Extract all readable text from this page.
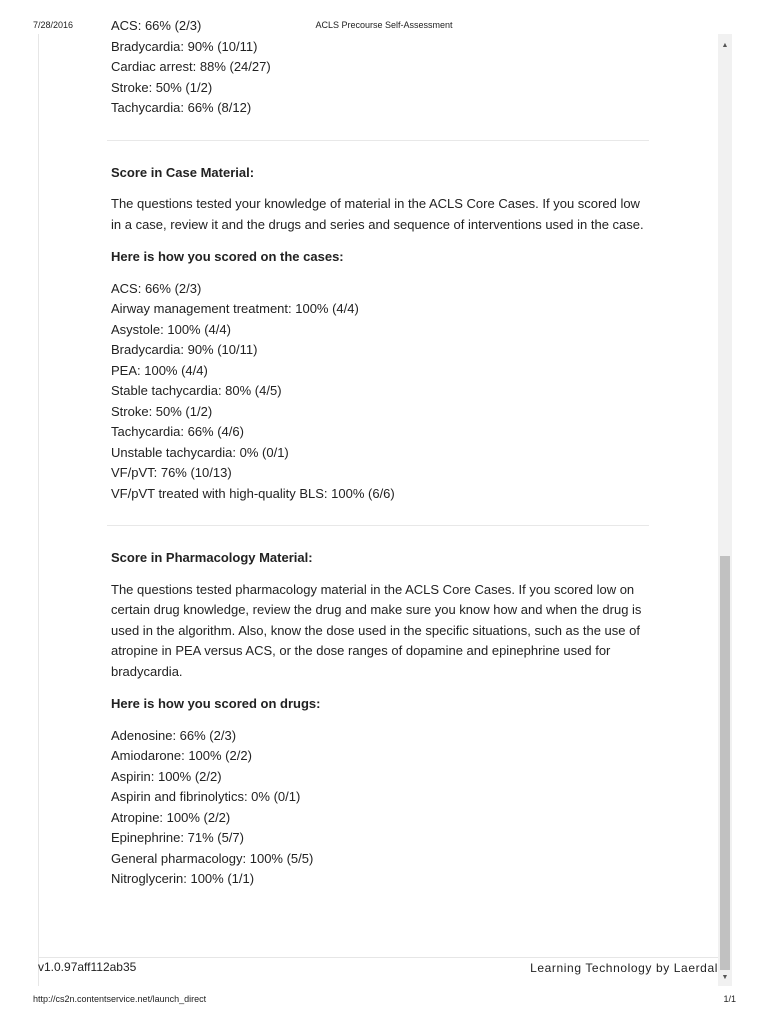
7/28/2016	ACLS Precourse Self-Assessment

ACS: 66% (2/3)

Bradycardia: 90% (10/11)

Cardiac arrest: 88% (24/27)

Stroke: 50% (1/2)

Tachycardia: 66% (8/12)

Score in Case Material:

The questions tested your knowledge of material in the ACLS Core Cases. If you scored low in a case, review it and the drugs and series and sequence of interventions used in the case.

Here is how you scored on the cases:

ACS: 66% (2/3)

Airway management treatment: 100% (4/4)

Asystole: 100% (4/4)

Bradycardia: 90% (10/11)

PEA: 100% (4/4)

Stable tachycardia: 80% (4/5)

Stroke: 50% (1/2)

Tachycardia: 66% (4/6)

Unstable tachycardia: 0% (0/1)

VF/pVT: 76% (10/13)

VF/pVT treated with high-quality BLS: 100% (6/6)

Score in Pharmacology Material:

The questions tested pharmacology material in the ACLS Core Cases. If you scored low on certain drug knowledge, review the drug and make sure you know how and when the drug is used in the algorithm. Also, know the dose used in the specific situations, such as the use of atropine in PEA versus ACS, or the dose ranges of dopamine and epinephrine used for bradycardia.

Here is how you scored on drugs:

Adenosine: 66% (2/3)

Amiodarone: 100% (2/2)

Aspirin: 100% (2/2)

Aspirin and fibrinolytics: 0% (0/1)

Atropine: 100% (2/2)

Epinephrine: 71% (5/7)

General pharmacology: 100% (5/5)

Nitroglycerin: 100% (1/1)

▲
▼
v1.0.97aff112ab35	Learning Technology by Laerdal
http://cs2n.contentservice.net/launch_direct	1/1
